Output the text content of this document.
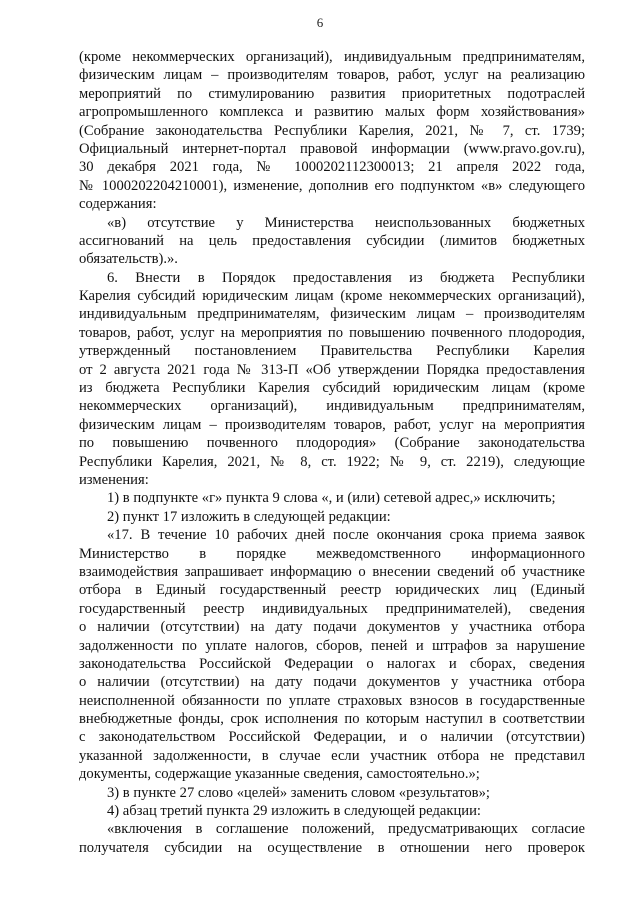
6
(кроме некоммерческих организаций), индивидуальным предпринимателям,
физическим лицам – производителям товаров, работ, услуг на реализацию
мероприятий по стимулированию развития приоритетных подотраслей
агропромышленного комплекса и развитию малых форм хозяйствования»
(Собрание законодательства Республики Карелия, 2021, № 7, ст. 1739;
Официальный интернет-портал правовой информации (www.pravo.gov.ru),
30 декабря 2021 года, № 1000202112300013; 21 апреля 2022 года,
№ 1000202204210001), изменение, дополнив его подпунктом «в» следующего
содержания:
«в) отсутствие у Министерства неиспользованных бюджетных
ассигнований на цель предоставления субсидии (лимитов бюджетных
обязательств).».
6. Внести в Порядок предоставления из бюджета Республики
Карелия субсидий юридическим лицам (кроме некоммерческих организаций),
индивидуальным предпринимателям, физическим лицам – производителям
товаров, работ, услуг на мероприятия по повышению почвенного плодородия,
утвержденный постановлением Правительства Республики Карелия
от 2 августа 2021 года № 313-П «Об утверждении Порядка предоставления
из бюджета Республики Карелия субсидий юридическим лицам (кроме
некоммерческих организаций), индивидуальным предпринимателям,
физическим лицам – производителям товаров, работ, услуг на мероприятия
по повышению почвенного плодородия» (Собрание законодательства
Республики Карелия, 2021, № 8, ст. 1922; № 9, ст. 2219), следующие
изменения:
1) в подпункте «г» пункта 9 слова «, и (или) сетевой адрес,» исключить;
2) пункт 17 изложить в следующей редакции:
«17. В течение 10 рабочих дней после окончания срока приема заявок
Министерство в порядке межведомственного информационного
взаимодействия запрашивает информацию о внесении сведений об участнике
отбора в Единый государственный реестр юридических лиц (Единый
государственный реестр индивидуальных предпринимателей), сведения
о наличии (отсутствии) на дату подачи документов у участника отбора
задолженности по уплате налогов, сборов, пеней и штрафов за нарушение
законодательства Российской Федерации о налогах и сборах, сведения
о наличии (отсутствии) на дату подачи документов у участника отбора
неисполненной обязанности по уплате страховых взносов в государственные
внебюджетные фонды, срок исполнения по которым наступил в соответствии
с законодательством Российской Федерации, и о наличии (отсутствии)
указанной задолженности, в случае если участник отбора не представил
документы, содержащие указанные сведения, самостоятельно.»;
3) в пункте 27 слово «целей» заменить словом «результатов»;
4) абзац третий пункта 29 изложить в следующей редакции:
«включения в соглашение положений, предусматривающих согласие
получателя субсидии на осуществление в отношении него проверок
